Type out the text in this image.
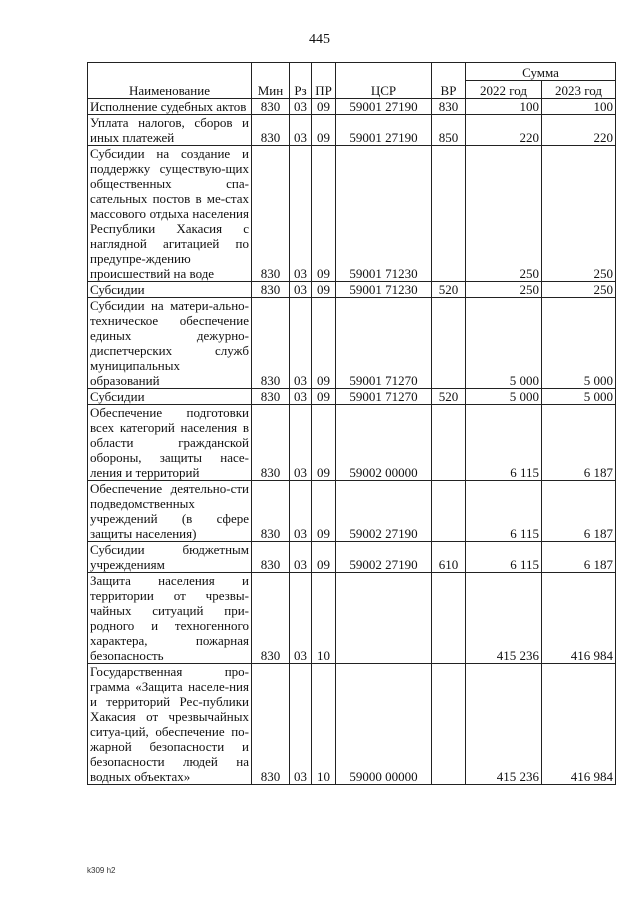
445
Наименование	Мин	Рз	ПР	ЦСР	ВР	Сумма	
						2022 год	2023 год
Исполнение судебных актов	830	03	09	59001 27190	830	100	100
Уплата налогов, сборов и иных платежей	830	03	09	59001 27190	850	220	220
Субсидии на создание и поддержку существую-щих общественных спа-сательных постов в ме-стах массового отдыха населения Республики Хакасия с наглядной агитацией по предупре-ждению происшествий на воде	830	03	09	59001 71230		250	250
Субсидии	830	03	09	59001 71230	520	250	250
Субсидии на матери-ально-техническое обеспечение единых дежурно-диспетчерских служб муниципальных образований	830	03	09	59001 71270		5 000	5 000
Субсидии	830	03	09	59001 71270	520	5 000	5 000
Обеспечение подготовки всех категорий населения в области гражданской обороны, защиты насе-ления и территорий	830	03	09	59002 00000		6 115	6 187
Обеспечение деятельно-сти подведомственных учреждений (в сфере защиты населения)	830	03	09	59002 27190		6 115	6 187
Субсидии бюджетным учреждениям	830	03	09	59002 27190	610	6 115	6 187
Защита населения и территории от чрезвы-чайных ситуаций при-родного и техногенного характера, пожарная безопасность	830	03	10			415 236	416 984
Государственная про-грамма «Защита населе-ния и территорий Рес-публики Хакасия от чрезвычайных ситуа-ций, обеспечение по-жарной безопасности и безопасности людей на водных объектах»	830	03	10	59000 00000		415 236	416 984
k309 h2
